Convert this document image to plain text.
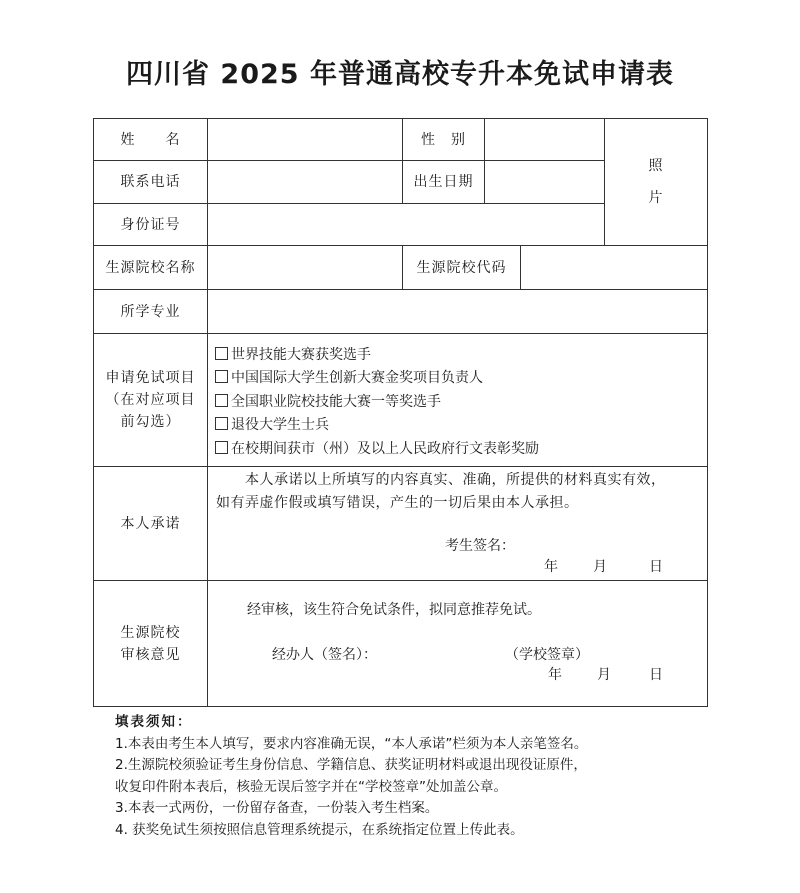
四川省 2025 年普通高校专升本免试申请表
姓　　名	性　别
照
片
联系电话	出生日期
身份证号
生源院校名称	生源院校代码
所学专业
申请免试项目
（在对应项目
前勾选）
世界技能大赛获奖选手
中国国际大学生创新大赛金奖项目负责人
全国职业院校技能大赛一等奖选手
退役大学生士兵
在校期间获市（州）及以上人民政府行文表彰奖励
本人承诺
本人承诺以上所填写的内容真实、准确，所提供的材料真实有效，
如有弄虚作假或填写错误，产生的一切后果由本人承担。
考生签名：
年	月	日
生源院校
审核意见
经审核，该生符合免试条件，拟同意推荐免试。
经办人（签名）：	（学校签章）
年	月	日
填表须知：
1.本表由考生本人填写，要求内容准确无误，“本人承诺”栏须为本人亲笔签名。
2.生源院校须验证考生身份信息、学籍信息、获奖证明材料或退出现役证原件，
收复印件附本表后，核验无误后签字并在“学校签章”处加盖公章。
3.本表一式两份，一份留存备查，一份装入考生档案。
4. 获奖免试生须按照信息管理系统提示，在系统指定位置上传此表。
